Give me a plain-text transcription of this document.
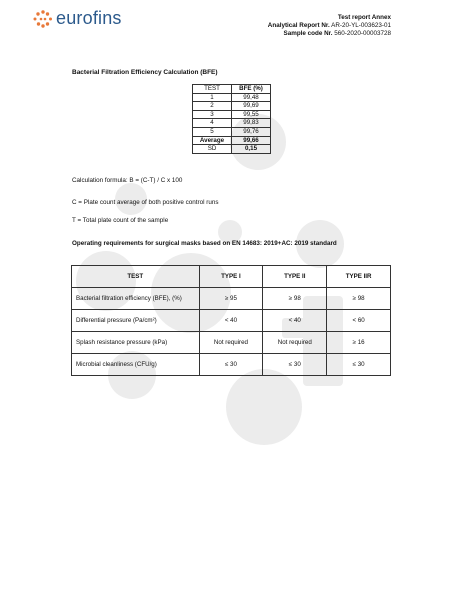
eurofins	Test report Annex
Analytical Report Nr. AR-20-YL-003623-01
Sample code Nr. 560-2020-00003728
Bacterial Filtration Efficiency Calculation (BFE)
TEST	BFE (%)
1	99,48
2	99,69
3	99,55
4	99,83
5	99,76
Average	99,66
SD	0,15
Calculation formula: B = (C-T) / C x 100
C = Plate count average of both positive control runs
T = Total plate count of the sample
Operating requirements for surgical masks based on EN 14683: 2019+AC: 2019 standard
TEST	TYPE I	TYPE II	TYPE IIR
Bacterial filtration efficiency (BFE), (%)	≥ 95	≥ 98	≥ 98
Differential pressure (Pa/cm²)	< 40	< 40	< 60
Splash resistance pressure (kPa)	Not required	Not required	≥ 16
Microbial cleanliness (CFU/g)	≤ 30	≤ 30	≤ 30
